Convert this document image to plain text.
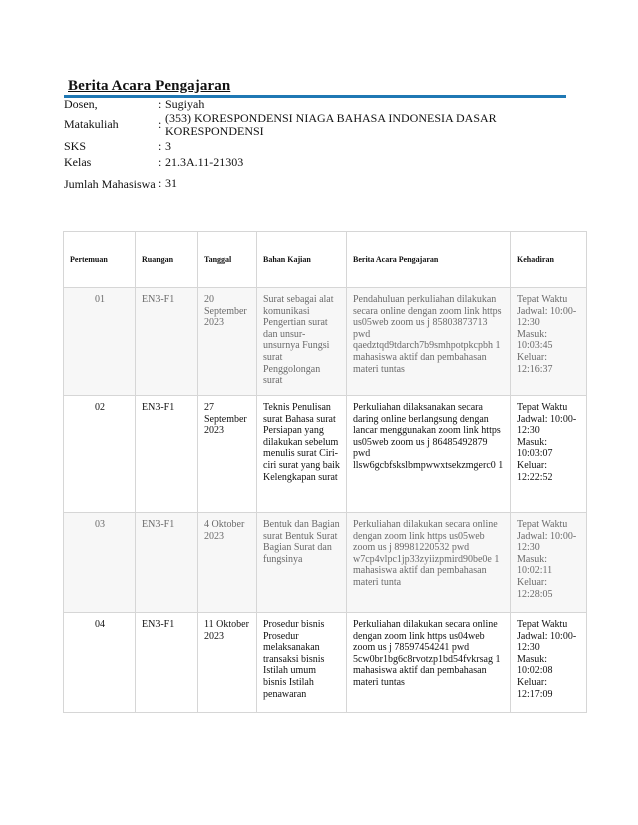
Berita Acara Pengajaran
Dosen,	: Sugiyah
Matakuliah	: (353) KORESPONDENSI NIAGA BAHASA INDONESIA DASAR KORESPONDENSI
SKS	: 3
Kelas	: 21.3A.11-21303
Jumlah Mahasiswa : 31
Pertemuan	Ruangan	Tanggal	Bahan Kajian	Berita Acara Pengajaran	Kehadiran
01	EN3-F1	20 September 2023	Surat sebagai alat komunikasi Pengertian surat dan unsur-unsurnya Fungsi surat Penggolongan surat	Pendahuluan perkuliahan dilakukan secara online dengan zoom link https us05web zoom us j 85803873713 pwd qaedztqd9tdarch7b9smhpotpkcpbh 1 mahasiswa aktif dan pembahasan materi tuntas	Tepat Waktu
Jadwal: 10:00-12:30
Masuk: 10:03:45
Keluar: 12:16:37

02	EN3-F1	27 September 2023	Teknis Penulisan surat Bahasa surat Persiapan yang dilakukan sebelum menulis surat Ciri-ciri surat yang baik Kelengkapan surat	Perkuliahan dilaksanakan secara daring online berlangsung dengan lancar menggunakan zoom link https us05web zoom us j 86485492879 pwd llsw6gcbfskslbmpwwxtsekzmgerc0 1	Tepat Waktu
Jadwal: 10:00-12:30
Masuk: 10:03:07
Keluar: 12:22:52

03	EN3-F1	4 Oktober 2023	Bentuk dan Bagian surat Bentuk Surat Bagian Surat dan fungsinya	Perkuliahan dilakukan secara online dengan zoom link https us05web zoom us j 89981220532 pwd w7cp4vlpc1jp33zyiizpmird90be0e 1 mahasiswa aktif dan pembahasan materi tunta	Tepat Waktu
Jadwal: 10:00-12:30
Masuk: 10:02:11
Keluar: 12:28:05

04	EN3-F1	11 Oktober 2023	Prosedur bisnis Prosedur melaksanakan transaksi bisnis Istilah umum bisnis Istilah penawaran	Perkuliahan dilakukan secara online dengan zoom link https us04web zoom us j 78597454241 pwd 5cw0br1bg6c8rvotzp1bd54fvkrsag 1 mahasiswa aktif dan pembahasan materi tuntas	Tepat Waktu
Jadwal: 10:00-12:30
Masuk: 10:02:08
Keluar: 12:17:09
